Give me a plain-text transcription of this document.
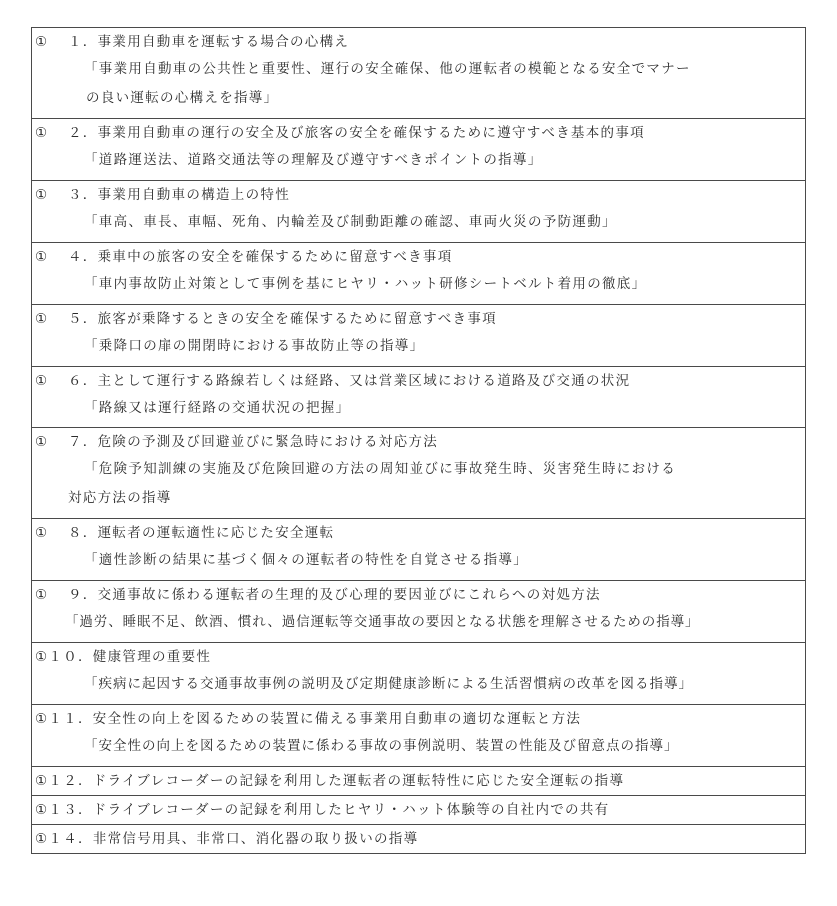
① １．事業用自動車を運転する場合の心構え
「事業用自動車の公共性と重要性、運行の安全確保、他の運転者の模範となる安全でマナー
の良い運転の心構えを指導」

① ２．事業用自動車の運行の安全及び旅客の安全を確保するために遵守すべき基本的事項
「道路運送法、道路交通法等の理解及び遵守すべきポイントの指導」

① ３．事業用自動車の構造上の特性
「車高、車長、車幅、死角、内輪差及び制動距離の確認、車両火災の予防運動」

① ４．乗車中の旅客の安全を確保するために留意すべき事項
「車内事故防止対策として事例を基にヒヤリ・ハット研修シートベルト着用の徹底」

① ５．旅客が乗降するときの安全を確保するために留意すべき事項
「乗降口の扉の開閉時における事故防止等の指導」

① ６．主として運行する路線若しくは経路、又は営業区域における道路及び交通の状況
「路線又は運行経路の交通状況の把握」

① ７．危険の予測及び回避並びに緊急時における対応方法
「危険予知訓練の実施及び危険回避の方法の周知並びに事故発生時、災害発生時における
対応方法の指導

① ８．運転者の運転適性に応じた安全運転
「適性診断の結果に基づく個々の運転者の特性を自覚させる指導」

① ９．交通事故に係わる運転者の生理的及び心理的要因並びにこれらへの対処方法
「過労、睡眠不足、飲酒、慣れ、過信運転等交通事故の要因となる状態を理解させるための指導」

①１０．健康管理の重要性
「疾病に起因する交通事故事例の説明及び定期健康診断による生活習慣病の改革を図る指導」

①１１．安全性の向上を図るための装置に備える事業用自動車の適切な運転と方法
「安全性の向上を図るための装置に係わる事故の事例説明、装置の性能及び留意点の指導」

①１２．ドライブレコーダーの記録を利用した運転者の運転特性に応じた安全運転の指導

①１３．ドライブレコーダーの記録を利用したヒヤリ・ハット体験等の自社内での共有

①１４．非常信号用具、非常口、消化器の取り扱いの指導
